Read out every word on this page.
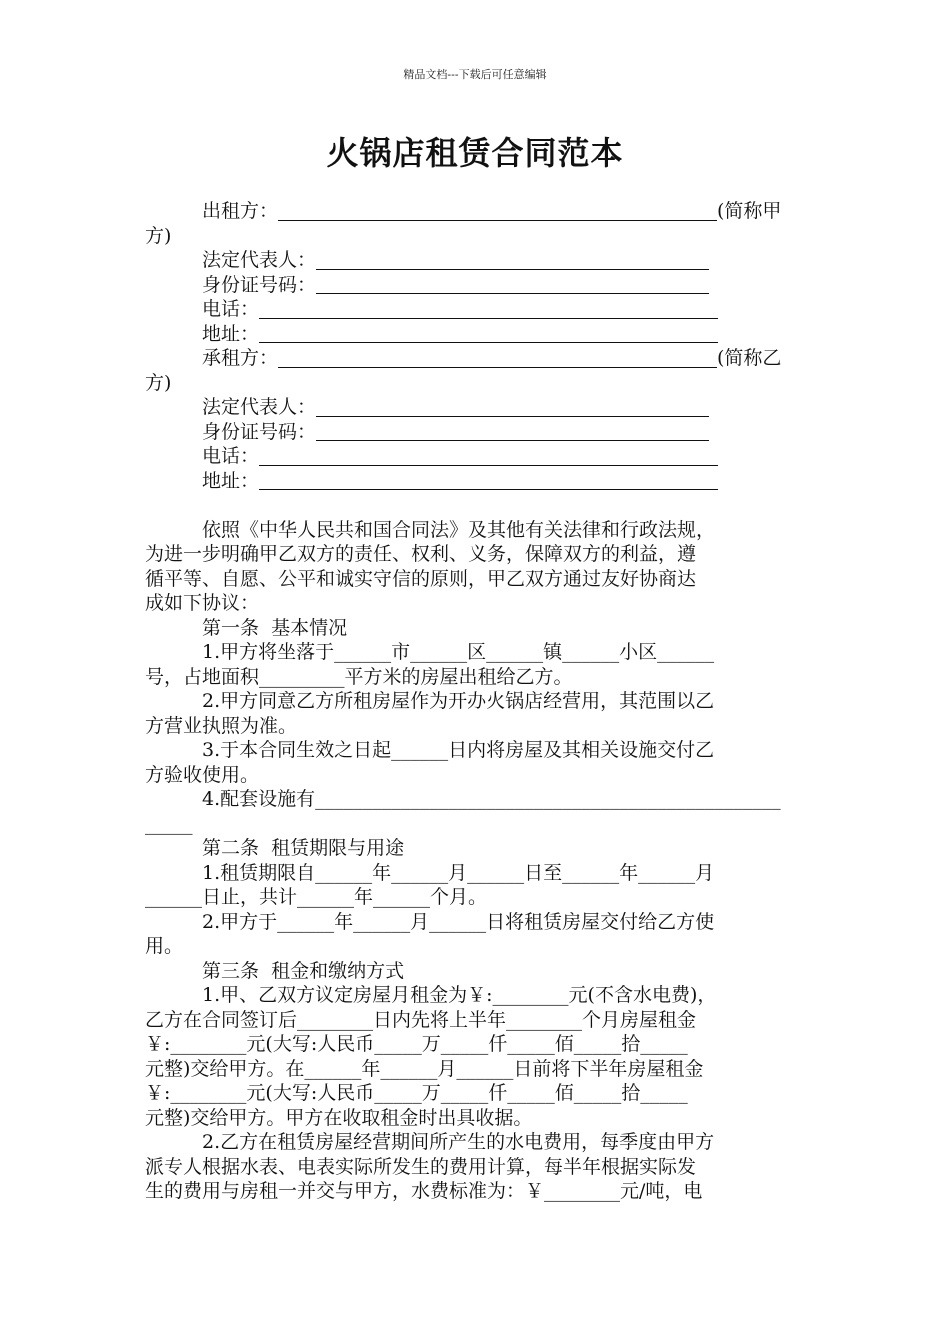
精品文档---下载后可任意编辑
火锅店租赁合同范本
出租方：	(简称甲
方)
法定代表人：
身份证号码：
电话：
地址：
承租方：	(简称乙
方)
法定代表人：
身份证号码：
电话：
地址：
依照《中华人民共和国合同法》及其他有关法律和行政法规，
为进一步明确甲乙双方的责任、权利、义务，保障双方的利益，遵
循平等、自愿、公平和诚实守信的原则，甲乙双方通过友好协商达
成如下协议：
第一条  基本情况
1.甲方将坐落于______市______区______镇______小区______
号，占地面积_________平方米的房屋出租给乙方。
2.甲方同意乙方所租房屋作为开办火锅店经营用，其范围以乙
方营业执照为准。
3.于本合同生效之日起______日内将房屋及其相关设施交付乙
方验收使用。
4.配套设施有_________________________________________________
_____
第二条  租赁期限与用途
1.租赁期限自______年______月______日至______年______月
______日止，共计______年______个月。
2.甲方于______年______月______日将租赁房屋交付给乙方使
用。
第三条  租金和缴纳方式
1.甲、乙双方议定房屋月租金为￥:________元(不含水电费)，
乙方在合同签订后________日内先将上半年________个月房屋租金
￥:________元(大写:人民币_____万_____仟_____佰_____拾_____
元整)交给甲方。在______年______月______日前将下半年房屋租金
￥:________元(大写:人民币_____万_____仟_____佰_____拾_____
元整)交给甲方。甲方在收取租金时出具收据。
2.乙方在租赁房屋经营期间所产生的水电费用，每季度由甲方
派专人根据水表、电表实际所发生的费用计算，每半年根据实际发
生的费用与房租一并交与甲方，水费标准为：￥________元/吨，电
